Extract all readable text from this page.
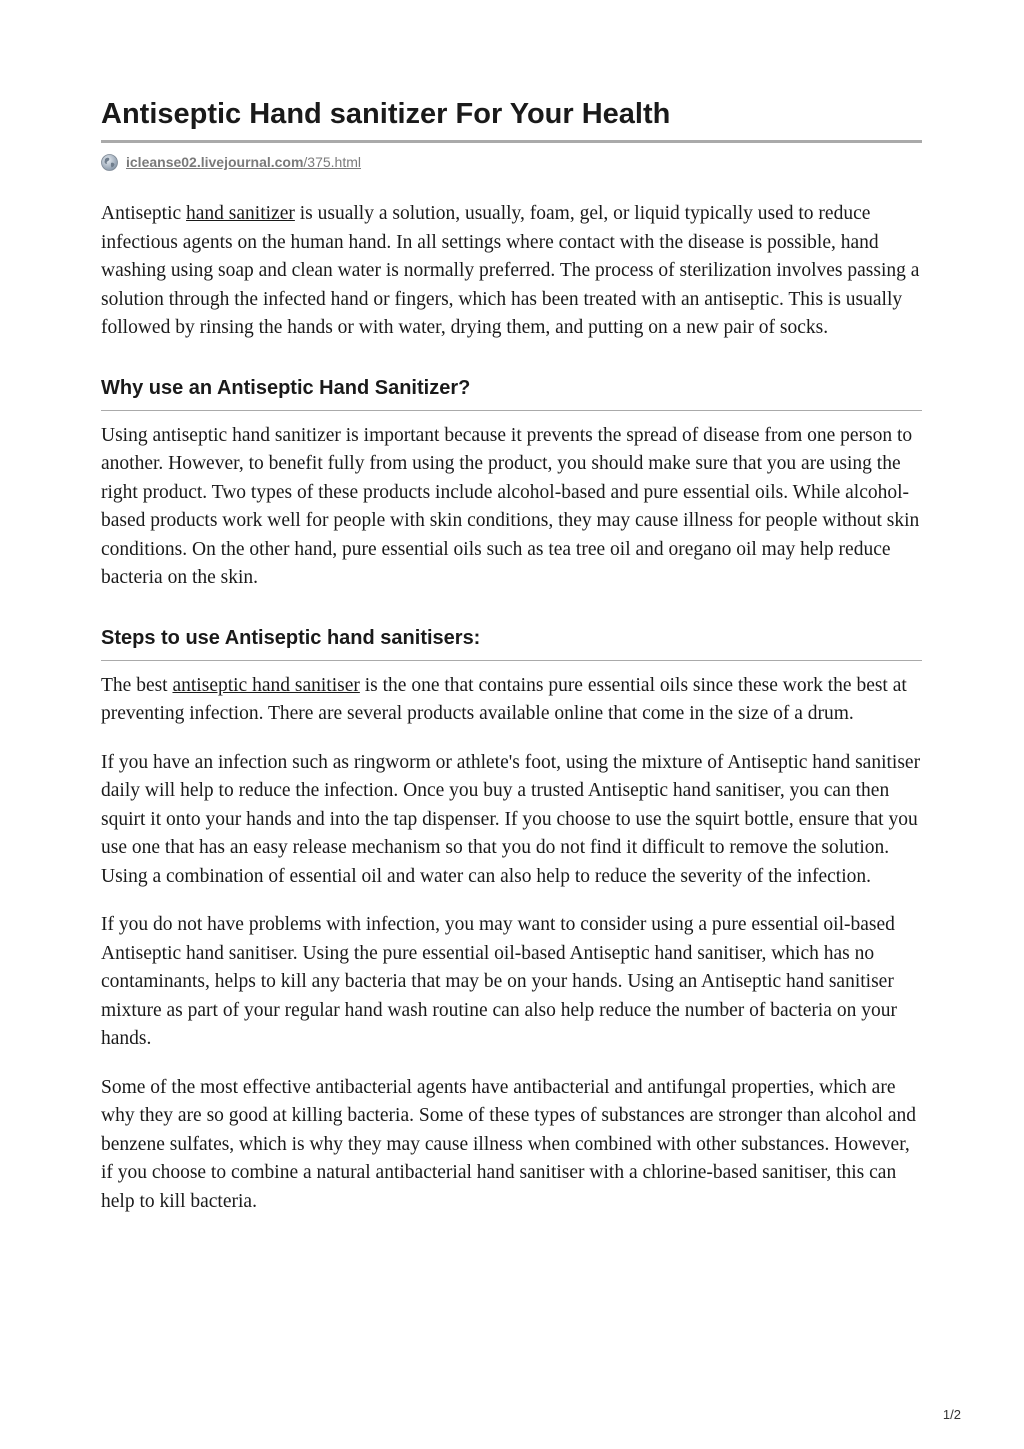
Antiseptic Hand sanitizer For Your Health
icleanse02.livejournal.com/375.html

Antiseptic hand sanitizer is usually a solution, usually, foam, gel, or liquid typically used to reduce infectious agents on the human hand. In all settings where contact with the disease is possible, hand washing using soap and clean water is normally preferred. The process of sterilization involves passing a solution through the infected hand or fingers, which has been treated with an antiseptic. This is usually followed by rinsing the hands or with water, drying them, and putting on a new pair of socks.

Why use an Antiseptic Hand Sanitizer?

Using antiseptic hand sanitizer is important because it prevents the spread of disease from one person to another. However, to benefit fully from using the product, you should make sure that you are using the right product. Two types of these products include alcohol-based and pure essential oils. While alcohol-based products work well for people with skin conditions, they may cause illness for people without skin conditions. On the other hand, pure essential oils such as tea tree oil and oregano oil may help reduce bacteria on the skin.

Steps to use Antiseptic hand sanitisers:

The best antiseptic hand sanitiser is the one that contains pure essential oils since these work the best at preventing infection. There are several products available online that come in the size of a drum.

If you have an infection such as ringworm or athlete's foot, using the mixture of Antiseptic hand sanitiser daily will help to reduce the infection. Once you buy a trusted Antiseptic hand sanitiser, you can then squirt it onto your hands and into the tap dispenser. If you choose to use the squirt bottle, ensure that you use one that has an easy release mechanism so that you do not find it difficult to remove the solution. Using a combination of essential oil and water can also help to reduce the severity of the infection.

If you do not have problems with infection, you may want to consider using a pure essential oil-based Antiseptic hand sanitiser. Using the pure essential oil-based Antiseptic hand sanitiser, which has no contaminants, helps to kill any bacteria that may be on your hands. Using an Antiseptic hand sanitiser mixture as part of your regular hand wash routine can also help reduce the number of bacteria on your hands.

Some of the most effective antibacterial agents have antibacterial and antifungal properties, which are why they are so good at killing bacteria. Some of these types of substances are stronger than alcohol and benzene sulfates, which is why they may cause illness when combined with other substances. However, if you choose to combine a natural antibacterial hand sanitiser with a chlorine-based sanitiser, this can help to kill bacteria.

1/2
